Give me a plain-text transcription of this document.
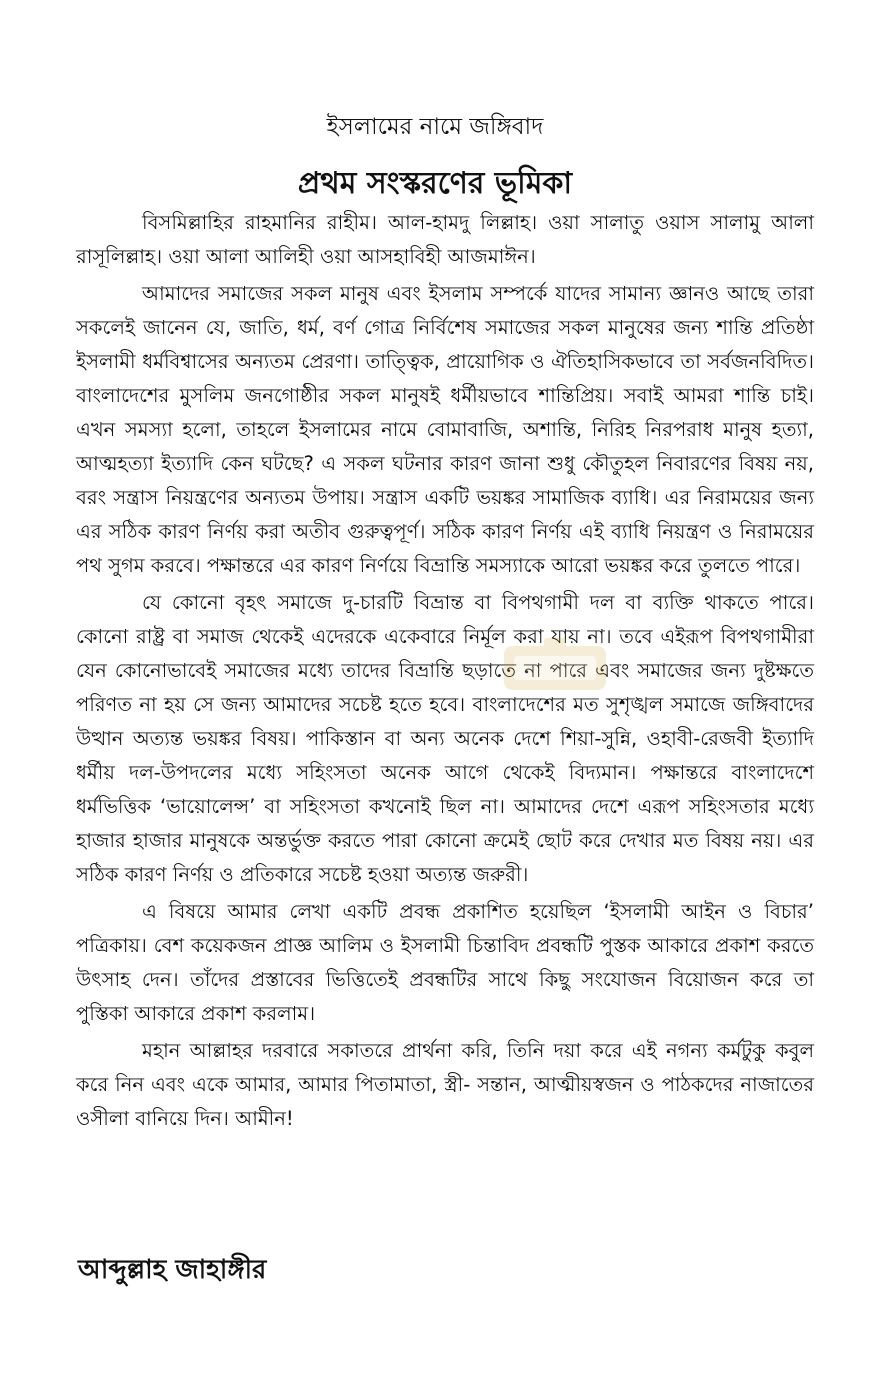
ইসলামের নামে জঙ্গিবাদ
প্রথম সংস্করণের ভূমিকা

বিসমিল্লাহির রাহমানির রাহীম। আল-হামদু লিল্লাহ। ওয়া সালাতু ওয়াস সালামু আলা রাসূলিল্লাহ। ওয়া আলা আলিহী ওয়া আসহাবিহী আজমাঈন।

আমাদের সমাজের সকল মানুষ এবং ইসলাম সম্পর্কে যাদের সামান্য জ্ঞানও আছে তারা সকলেই জানেন যে, জাতি, ধর্ম, বর্ণ গোত্র নির্বিশেষ সমাজের সকল মানুষের জন্য শান্তি প্রতিষ্ঠা ইসলামী ধর্মবিশ্বাসের অন্যতম প্রেরণা। তাত্ত্বিক, প্রায়োগিক ও ঐতিহাসিকভাবে তা সর্বজনবিদিত। বাংলাদেশের মুসলিম জনগোষ্ঠীর সকল মানুষই ধর্মীয়ভাবে শান্তিপ্রিয়। সবাই আমরা শান্তি চাই। এখন সমস্যা হলো, তাহলে ইসলামের নামে বোমাবাজি, অশান্তি, নিরিহ নিরপরাধ মানুষ হত্যা, আত্মহত্যা ইত্যাদি কেন ঘটছে? এ সকল ঘটনার কারণ জানা শুধু কৌতুহল নিবারণের বিষয় নয়, বরং সন্ত্রাস নিয়ন্ত্রণের অন্যতম উপায়। সন্ত্রাস একটি ভয়ঙ্কর সামাজিক ব্যাধি। এর নিরাময়ের জন্য এর সঠিক কারণ নির্ণয় করা অতীব গুরুত্বপূর্ণ। সঠিক কারণ নির্ণয় এই ব্যাধি নিয়ন্ত্রণ ও নিরাময়ের পথ সুগম করবে। পক্ষান্তরে এর কারণ নির্ণয়ে বিভ্রান্তি সমস্যাকে আরো ভয়ঙ্কর করে তুলতে পারে।

যে কোনো বৃহৎ সমাজে দু-চারটি বিভ্রান্ত বা বিপথগামী দল বা ব্যক্তি থাকতে পারে। কোনো রাষ্ট্র বা সমাজ থেকেই এদেরকে একেবারে নির্মূল করা যায় না। তবে এইরূপ বিপথগামীরা যেন কোনোভাবেই সমাজের মধ্যে তাদের বিভ্রান্তি ছড়াতে না পারে এবং সমাজের জন্য দুষ্টক্ষতে পরিণত না হয় সে জন্য আমাদের সচেষ্ট হতে হবে। বাংলাদেশের মত সুশৃঙ্খল সমাজে জঙ্গিবাদের উত্থান অত্যন্ত ভয়ঙ্কর বিষয়। পাকিস্তান বা অন্য অনেক দেশে শিয়া-সুন্নি, ওহাবী-রেজবী ইত্যাদি ধর্মীয় দল-উপদলের মধ্যে সহিংসতা অনেক আগে থেকেই বিদ্যমান। পক্ষান্তরে বাংলাদেশে ধর্মভিত্তিক ‘ভায়োলেন্স’ বা সহিংসতা কখনোই ছিল না। আমাদের দেশে এরূপ সহিংসতার মধ্যে হাজার হাজার মানুষকে অন্তর্ভুক্ত করতে পারা কোনো ক্রমেই ছোট করে দেখার মত বিষয় নয়। এর সঠিক কারণ নির্ণয় ও প্রতিকারে সচেষ্ট হওয়া অত্যন্ত জরুরী।

এ বিষয়ে আমার লেখা একটি প্রবন্ধ প্রকাশিত হয়েছিল ‘ইসলামী আইন ও বিচার’ পত্রিকায়। বেশ কয়েকজন প্রাজ্ঞ আলিম ও ইসলামী চিন্তাবিদ প্রবন্ধটি পুস্তক আকারে প্রকাশ করতে উৎসাহ দেন। তাঁদের প্রস্তাবের ভিত্তিতেই প্রবন্ধটির সাথে কিছু সংযোজন বিয়োজন করে তা পুস্তিকা আকারে প্রকাশ করলাম।

মহান আল্লাহর দরবারে সকাতরে প্রার্থনা করি, তিনি দয়া করে এই নগন্য কর্মটুকু কবুল করে নিন এবং একে আমার, আমার পিতামাতা, স্ত্রী- সন্তান, আত্মীয়স্বজন ও পাঠকদের নাজাতের ওসীলা বানিয়ে দিন। আমীন!

আব্দুল্লাহ জাহাঙ্গীর
